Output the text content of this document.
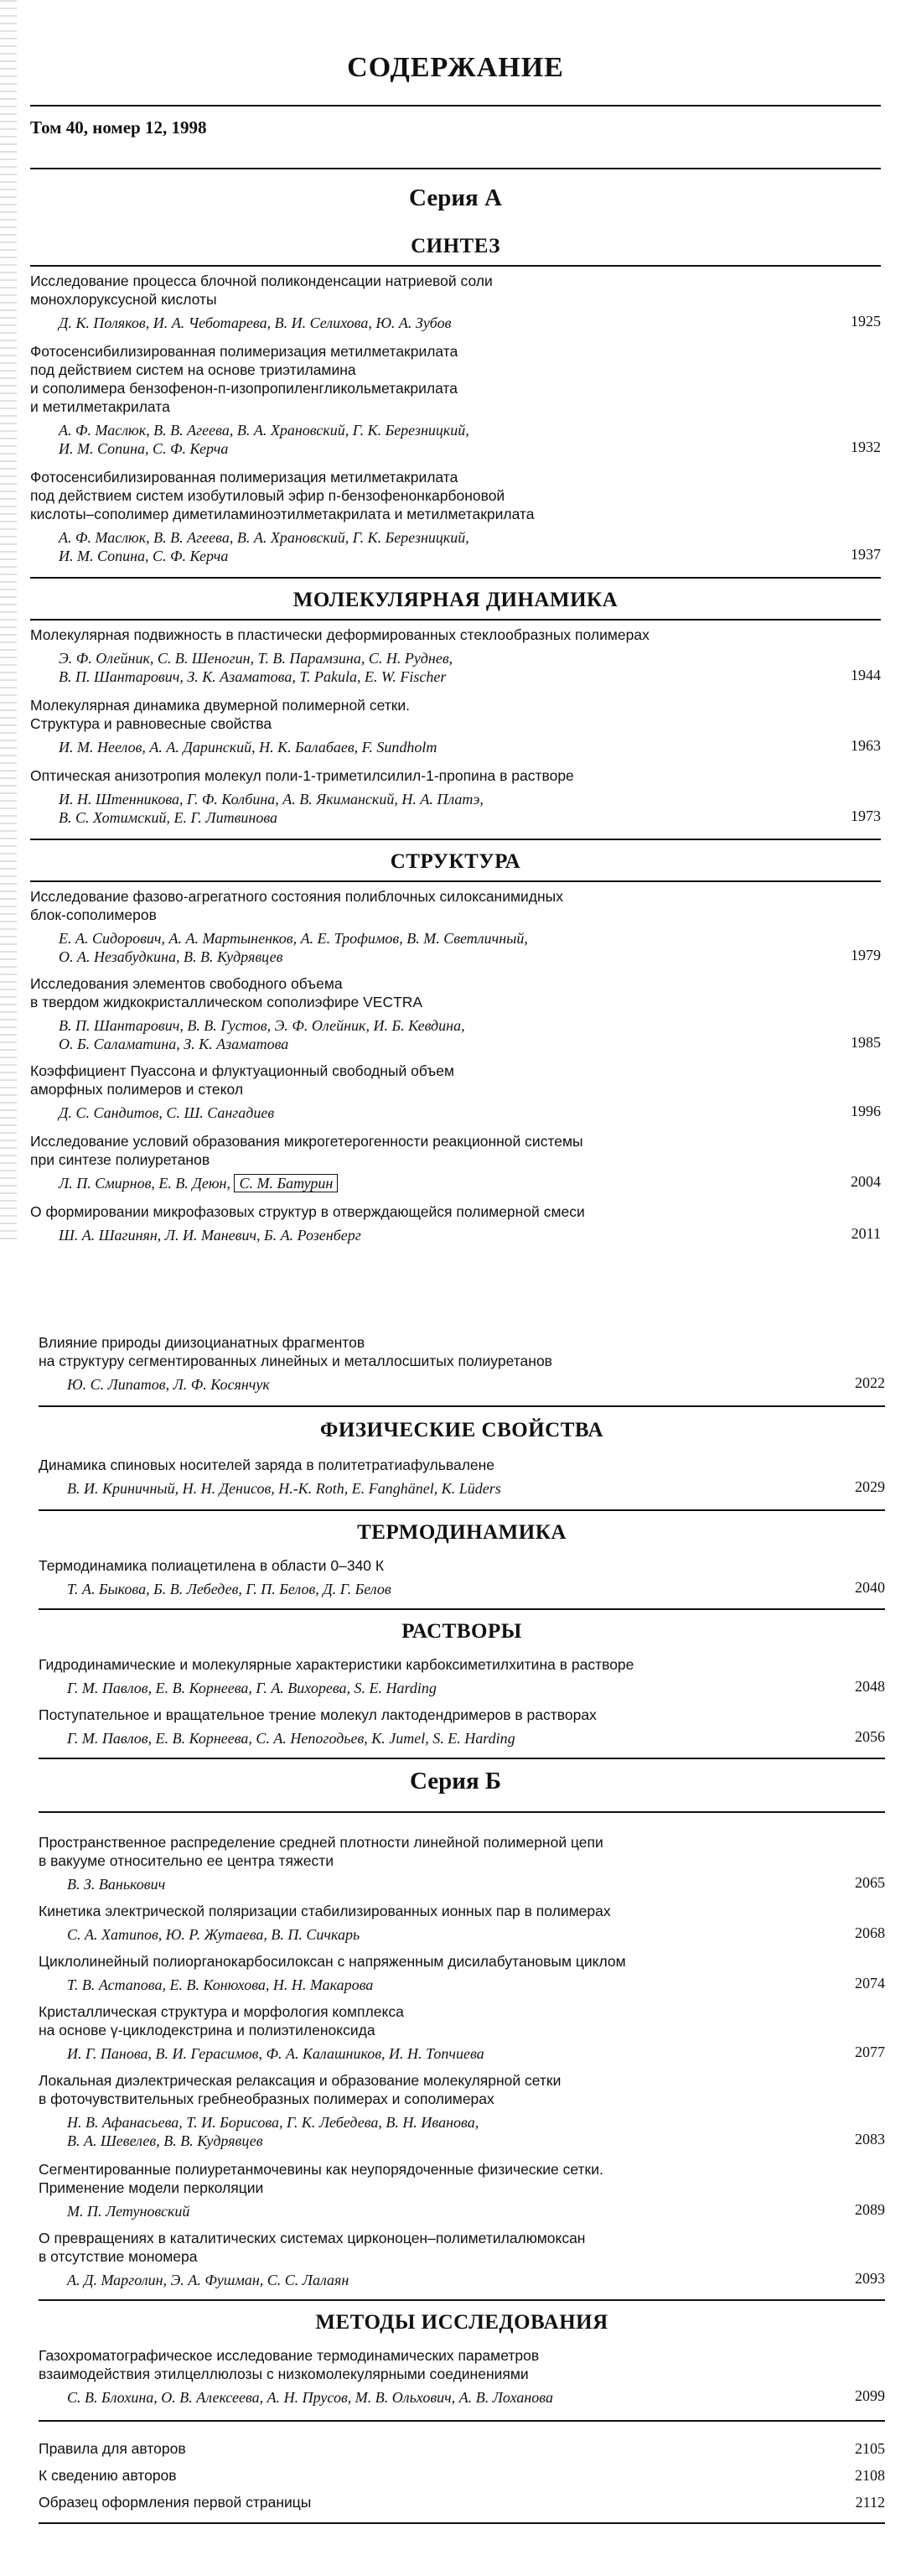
СОДЕРЖАНИЕ

Том 40, номер 12, 1998

Серия А
СИНТЕЗ

Исследование процесса блочной поликонденсации натриевой соли
монохлоруксусной кислоты

Д. К. Поляков, И. А. Чеботарева, В. И. Селихова, Ю. А. Зубов	1925

Фотосенсибилизированная полимеризация метилметакрилата
под действием систем на основе триэтиламина
и сополимера бензофенон-п-изопропиленгликольметакрилата
и метилметакрилата

А. Ф. Маслюк, В. В. Агеева, В. А. Храновский, Г. К. Березницкий,
И. М. Сопина, С. Ф. Керча	1932

Фотосенсибилизированная полимеризация метилметакрилата
под действием систем изобутиловый эфир п-бензофенонкарбоновой
кислоты–сополимер диметиламиноэтилметакрилата и метилметакрилата

А. Ф. Маслюк, В. В. Агеева, В. А. Храновский, Г. К. Березницкий,
И. М. Сопина, С. Ф. Керча	1937
МОЛЕКУЛЯРНАЯ ДИНАМИКА

Молекулярная подвижность в пластически деформированных стеклообразных полимерах

Э. Ф. Олейник, С. В. Шеногин, Т. В. Парамзина, С. Н. Руднев,
В. П. Шантарович, З. К. Азаматова, T. Pakula, E. W. Fischer	1944

Молекулярная динамика двумерной полимерной сетки.
Структура и равновесные свойства

И. М. Неелов, А. А. Даринский, Н. К. Балабаев, F. Sundholm	1963

Оптическая анизотропия молекул поли-1-триметилсилил-1-пропина в растворе

И. Н. Штенникова, Г. Ф. Колбина, А. В. Якиманский, Н. А. Платэ,
В. С. Хотимский, Е. Г. Литвинова	1973
СТРУКТУРА

Исследование фазово-агрегатного состояния полиблочных силоксанимидных
блок-сополимеров

Е. А. Сидорович, А. А. Мартыненков, А. Е. Трофимов, В. М. Светличный,
О. А. Незабудкина, В. В. Кудрявцев	1979

Исследования элементов свободного объема
в твердом жидкокристаллическом сополиэфире VECTRA

В. П. Шантарович, В. В. Густов, Э. Ф. Олейник, И. Б. Кевдина,
О. Б. Саламатина, З. К. Азаматова	1985

Коэффициент Пуассона и флуктуационный свободный объем
аморфных полимеров и стекол

Д. С. Сандитов, С. Ш. Сангадиев	1996

Исследование условий образования микрогетерогенности реакционной системы
при синтезе полиуретанов

Л. П. Смирнов, Е. В. Деюн, С. М. Батурин	2004

О формировании микрофазовых структур в отверждающейся полимерной смеси

Ш. А. Шагинян, Л. И. Маневич, Б. А. Розенберг	2011

Влияние природы диизоцианатных фрагментов
на структуру сегментированных линейных и металлосшитых полиуретанов

Ю. С. Липатов, Л. Ф. Косянчук	2022
ФИЗИЧЕСКИЕ СВОЙСТВА

Динамика спиновых носителей заряда в политетратиафульвалене

В. И. Криничный, Н. Н. Денисов, H.-K. Roth, E. Fanghänel, K. Lüders	2029
ТЕРМОДИНАМИКА

Термодинамика полиацетилена в области 0–340 К

Т. А. Быкова, Б. В. Лебедев, Г. П. Белов, Д. Г. Белов	2040
РАСТВОРЫ

Гидродинамические и молекулярные характеристики карбоксиметилхитина в растворе

Г. М. Павлов, Е. В. Корнеева, Г. А. Вихорева, S. E. Harding	2048

Поступательное и вращательное трение молекул лактодендримеров в растворах

Г. М. Павлов, Е. В. Корнеева, С. А. Непогодьев, K. Jumel, S. E. Harding	2056
Серия Б

Пространственное распределение средней плотности линейной полимерной цепи
в вакууме относительно ее центра тяжести

В. З. Ванькович	2065

Кинетика электрической поляризации стабилизированных ионных пар в полимерах

С. А. Хатипов, Ю. Р. Жутаева, В. П. Сичкарь	2068

Циклолинейный полиорганокарбосилоксан с напряженным дисилабутановым циклом

Т. В. Астапова, Е. В. Конюхова, Н. Н. Макарова	2074

Кристаллическая структура и морфология комплекса
на основе γ-циклодекстрина и полиэтиленоксида

И. Г. Панова, В. И. Герасимов, Ф. А. Калашников, И. Н. Топчиева	2077

Локальная диэлектрическая релаксация и образование молекулярной сетки
в фоточувствительных гребнеобразных полимерах и сополимерах

Н. В. Афанасьева, Т. И. Борисова, Г. К. Лебедева, В. Н. Иванова,
В. А. Шевелев, В. В. Кудрявцев	2083

Сегментированные полиуретанмочевины как неупорядоченные физические сетки.
Применение модели перколяции

М. П. Летуновский	2089

О превращениях в каталитических системах цирконоцен–полиметилалюмоксан
в отсутствие мономера

А. Д. Марголин, Э. А. Фушман, С. С. Лалаян	2093
МЕТОДЫ ИССЛЕДОВАНИЯ

Газохроматографическое исследование термодинамических параметров
взаимодействия этилцеллюлозы с низкомолекулярными соединениями

С. В. Блохина, О. В. Алексеева, А. Н. Прусов, М. В. Ольхович, А. В. Лоханова	2099
Правила для авторов	2105
К сведению авторов	2108
Образец оформления первой страницы	2112
